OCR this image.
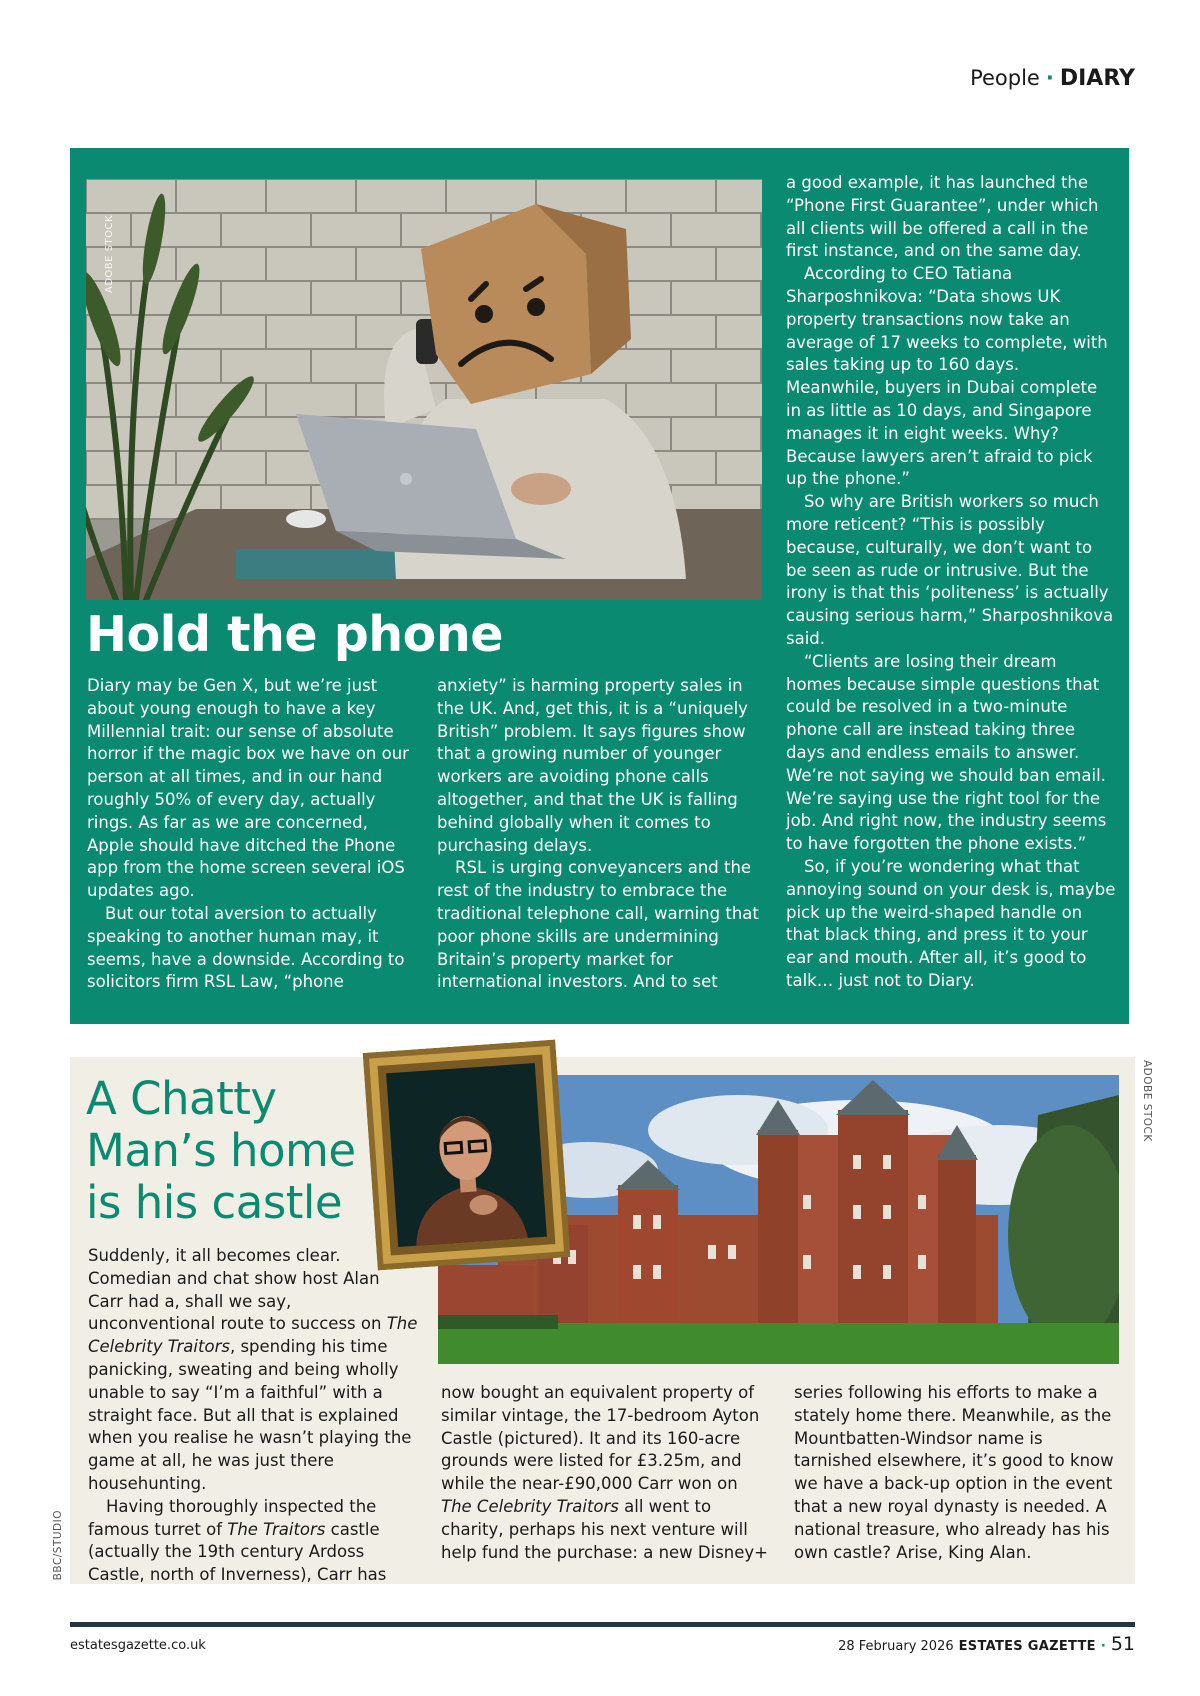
People · DIARY
ADOBE STOCK
Hold the phone

Diary may be Gen X, but we’re just about young enough to have a key Millennial trait: our sense of absolute horror if the magic box we have on our person at all times, and in our hand roughly 50% of every day, actually rings. As far as we are concerned, Apple should have ditched the Phone app from the home screen several iOS updates ago.

But our total aversion to actually speaking to another human may, it seems, have a downside. According to solicitors firm RSL Law, “phone

anxiety” is harming property sales in the UK. And, get this, it is a “uniquely British” problem. It says figures show that a growing number of younger workers are avoiding phone calls altogether, and that the UK is falling behind globally when it comes to purchasing delays.

RSL is urging conveyancers and the rest of the industry to embrace the traditional telephone call, warning that poor phone skills are undermining Britain’s property market for international investors. And to set

a good example, it has launched the “Phone First Guarantee”, under which all clients will be offered a call in the first instance, and on the same day.

According to CEO Tatiana Sharposhnikova: “Data shows UK property transactions now take an average of 17 weeks to complete, with sales taking up to 160 days. Meanwhile, buyers in Dubai complete in as little as 10 days, and Singapore manages it in eight weeks. Why? Because lawyers aren’t afraid to pick up the phone.”

So why are British workers so much more reticent? “This is possibly because, culturally, we don’t want to be seen as rude or intrusive. But the irony is that this ‘politeness’ is actually causing serious harm,” Sharposhnikova said.

“Clients are losing their dream homes because simple questions that could be resolved in a two-minute phone call are instead taking three days and endless emails to answer. We’re not saying we should ban email. We’re saying use the right tool for the job. And right now, the industry seems to have forgotten the phone exists.”

So, if you’re wondering what that annoying sound on your desk is, maybe pick up the weird-shaped handle on that black thing, and press it to your ear and mouth. After all, it’s good to talk… just not to Diary.

ADOBE STOCK
BBC/STUDIO
A Chatty
Man’s home
is his castle

Suddenly, it all becomes clear. Comedian and chat show host Alan Carr had a, shall we say, unconventional route to success on The Celebrity Traitors, spending his time panicking, sweating and being wholly unable to say “I’m a faithful” with a straight face. But all that is explained when you realise he wasn’t playing the game at all, he was just there househunting.

Having thoroughly inspected the famous turret of The Traitors castle (actually the 19th century Ardoss Castle, north of Inverness), Carr has

now bought an equivalent property of similar vintage, the 17-bedroom Ayton Castle (pictured). It and its 160-acre grounds were listed for £3.25m, and while the near-£90,000 Carr won on The Celebrity Traitors all went to charity, perhaps his next venture will help fund the purchase: a new Disney+

series following his efforts to make a stately home there. Meanwhile, as the Mountbatten-Windsor name is tarnished elsewhere, it’s good to know we have a back-up option in the event that a new royal dynasty is needed. A national treasure, who already has his own castle? Arise, King Alan.

estatesgazette.co.uk	28 February 2026 ESTATES GAZETTE · 51
